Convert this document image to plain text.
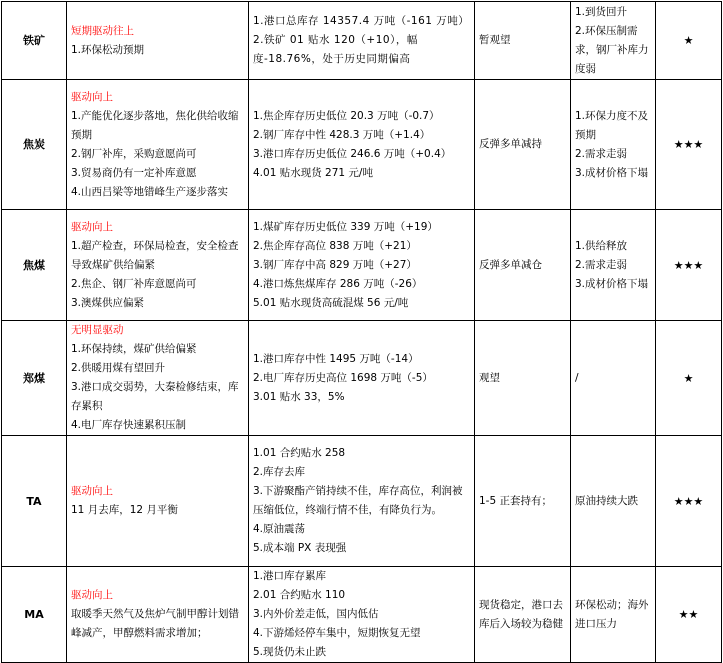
铁矿	短期驱动往上
1.环保松动预期	1.港口总库存 14357.4 万吨（-161 万吨）
2.铁矿 01 贴水 120（+10），幅度-18.76%，处于历史同期偏高	暂观望	1.到货回升
2.环保压制需求，钢厂补库力度弱	★
焦炭	驱动向上
1.产能优化逐步落地，焦化供给收缩预期
2.钢厂补库，采购意愿尚可
3.贸易商仍有一定补库意愿
4.山西吕梁等地错峰生产逐步落实	1.焦企库存历史低位 20.3 万吨（-0.7）
2.钢厂库存中性 428.3 万吨（+1.4）
3.港口库存历史低位 246.6 万吨（+0.4）
4.01 贴水现货 271 元/吨	反弹多单减持	1.环保力度不及预期
2.需求走弱
3.成材价格下塌	★★★
焦煤	驱动向上
1.超产检查，环保局检查，安全检查导致煤矿供给偏紧
2.焦企、钢厂补库意愿尚可
3.澳煤供应偏紧	1.煤矿库存历史低位 339 万吨（+19）
2.焦企库存高位 838 万吨（+21）
3.钢厂库存中高 829 万吨（+27）
4.港口炼焦煤库存 286 万吨（-26）
5.01 贴水现货高硫混煤 56 元/吨	反弹多单减仓	1.供给释放
2.需求走弱
3.成材价格下塌	★★★
郑煤	无明显驱动
1.环保持续，煤矿供给偏紧
2.供暖用煤有望回升
3.港口成交弱势，大秦检修结束，库存累积
4.电厂库存快速累积压制	1.港口库存中性 1495 万吨（-14）
2.电厂库存历史高位 1698 万吨（-5）
3.01 贴水 33，5%	观望	/	★
TA	驱动向上
11 月去库，12 月平衡	1.01 合约贴水 258
2.库存去库
3.下游聚酯产销持续不佳，库存高位，利润被压缩低位，终端行情不佳，有降负行为。
4.原油震荡
5.成本端 PX 表现强	1-5 正套持有；	原油持续大跌	★★★
MA	驱动向上
取暖季天然气及焦炉气制甲醇计划错峰减产，甲醇燃料需求增加；	1.港口库存累库
2.01 合约贴水 110
3.内外价差走低，国内低估
4.下游烯烃停车集中，短期恢复无望
5.现货仍未止跌	现货稳定，港口去库后入场较为稳健	环保松动；海外进口压力	★★
